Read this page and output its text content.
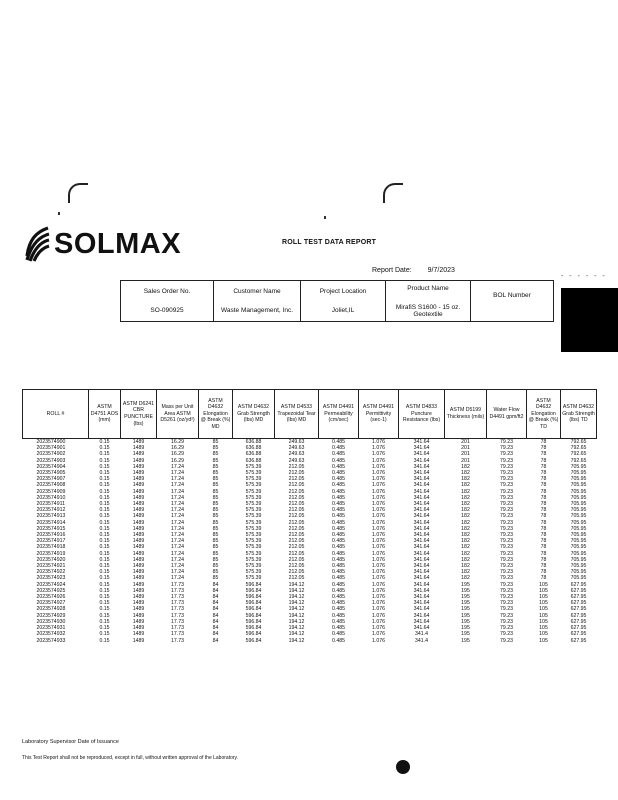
SOLMAX	ROLL TEST DATA REPORT
Report Date: 9/7/2023
- - - - - -
Sales Order No.
SO-090925

Customer Name
Waste Management, Inc.

Project Location
Joliet,IL

Product Name
MirafiS S1600 - 15 oz. Geotextile

BOL Number
ROLL #	ASTM D4751 AOS (mm)	ASTM D6241 CBR PUNCTURE (lbs)	Mass per Unit Area ASTM D5261 (oz/yd²)	ASTM D4632 Elongation @ Break (%) MD	ASTM D4632 Grab Strength (lbs) MD	ASTM D4533 Trapezoidal Tear (lbs) MD	ASTM D4491 Permeability (cm/sec)	ASTM D4491 Permittivity (sec-1)	ASTM D4833 Puncture Resistance (lbs)	ASTM D5199 Thickness (mils)	Water Flow D4491 gpm/ft2	ASTM D4632 Elongation @ Break (%) TD	ASTM D4632 Grab Strength (lbs) TD
2023574900	0.15	1489	16.29	85	636.88	249.63	0.485	1.076	341.64	201	79.23	78	792.65
2023574901	0.15	1489	16.29	85	636.88	249.63	0.485	1.076	341.64	201	79.23	78	792.65
2023574902	0.15	1489	16.29	85	636.88	249.63	0.485	1.076	341.64	201	79.23	78	792.65
2023574903	0.15	1489	16.29	85	636.88	249.63	0.485	1.076	341.64	201	79.23	78	792.65
2023574904	0.15	1489	17.24	85	575.39	212.05	0.485	1.076	341.64	182	79.23	78	705.95
2023574905	0.15	1489	17.24	85	575.39	212.05	0.485	1.076	341.64	182	79.23	78	705.95
2023574907	0.15	1489	17.24	85	575.39	212.05	0.485	1.076	341.64	182	79.23	78	705.95
2023574908	0.15	1489	17.24	85	575.39	212.05	0.485	1.076	341.64	182	79.23	78	705.95
2023574909	0.15	1489	17.24	85	575.39	212.05	0.485	1.076	341.64	182	79.23	78	705.95
2023574910	0.15	1489	17.24	85	575.39	212.05	0.485	1.076	341.64	182	79.23	78	705.95
2023574911	0.15	1489	17.24	85	575.39	212.05	0.485	1.076	341.64	182	79.23	78	705.95
2023574912	0.15	1489	17.24	85	575.39	212.05	0.485	1.076	341.64	182	79.23	78	705.95
2023574913	0.15	1489	17.24	85	575.39	212.05	0.485	1.076	341.64	182	79.23	78	705.95
2023574914	0.15	1489	17.24	85	575.39	212.05	0.485	1.076	341.64	182	79.23	78	705.95
2023574915	0.15	1489	17.24	85	575.39	212.05	0.485	1.076	341.64	182	79.23	78	705.95
2023574916	0.15	1489	17.24	85	575.39	212.05	0.485	1.076	341.64	182	79.23	78	705.95
2023574917	0.15	1489	17.24	85	575.39	212.05	0.485	1.076	341.64	182	79.23	78	705.95
2023574918	0.15	1489	17.24	85	575.39	212.05	0.485	1.076	341.64	182	79.23	78	705.95
2023574919	0.15	1489	17.24	85	575.39	212.05	0.485	1.076	341.64	182	79.23	78	705.95
2023574920	0.15	1489	17.24	85	575.39	212.05	0.485	1.076	341.64	182	79.23	78	705.95
2023574921	0.15	1489	17.24	85	575.39	212.05	0.485	1.076	341.64	182	79.23	78	705.95
2023574922	0.15	1489	17.24	85	575.39	212.05	0.485	1.076	341.64	182	79.23	78	705.95
2023574923	0.15	1489	17.24	85	575.39	212.05	0.485	1.076	341.64	182	79.23	78	705.95
2023574924	0.15	1489	17.73	84	596.84	194.12	0.485	1.076	341.64	195	79.23	105	627.95
2023574925	0.15	1489	17.73	84	596.84	194.12	0.485	1.076	341.64	195	79.23	105	627.95
2023574926	0.15	1489	17.73	84	596.84	194.12	0.485	1.076	341.64	195	79.23	105	627.95
2023574927	0.15	1489	17.73	84	596.84	194.12	0.485	1.076	341.64	195	79.23	105	627.95
2023574928	0.15	1489	17.73	84	596.84	194.12	0.485	1.076	341.64	195	79.23	105	627.95
2023574929	0.15	1489	17.73	84	596.84	194.12	0.485	1.076	341.64	195	79.23	105	627.95
2023574930	0.15	1489	17.73	84	596.84	194.12	0.485	1.076	341.64	195	79.23	105	627.95
2023574931	0.15	1489	17.73	84	596.84	194.12	0.485	1.076	341.64	195	79.23	105	627.95
2023574932	0.15	1489	17.73	84	596.84	194.12	0.485	1.076	341.4	195	79.23	105	627.95
2023574933	0.15	1489	17.73	84	596.84	194.12	0.485	1.076	341.4	195	79.23	105	627.95
Laboratory Supervisor Date of Issuance
This Test Report shall not be reproduced, except in full, without written approval of the Laboratory.
